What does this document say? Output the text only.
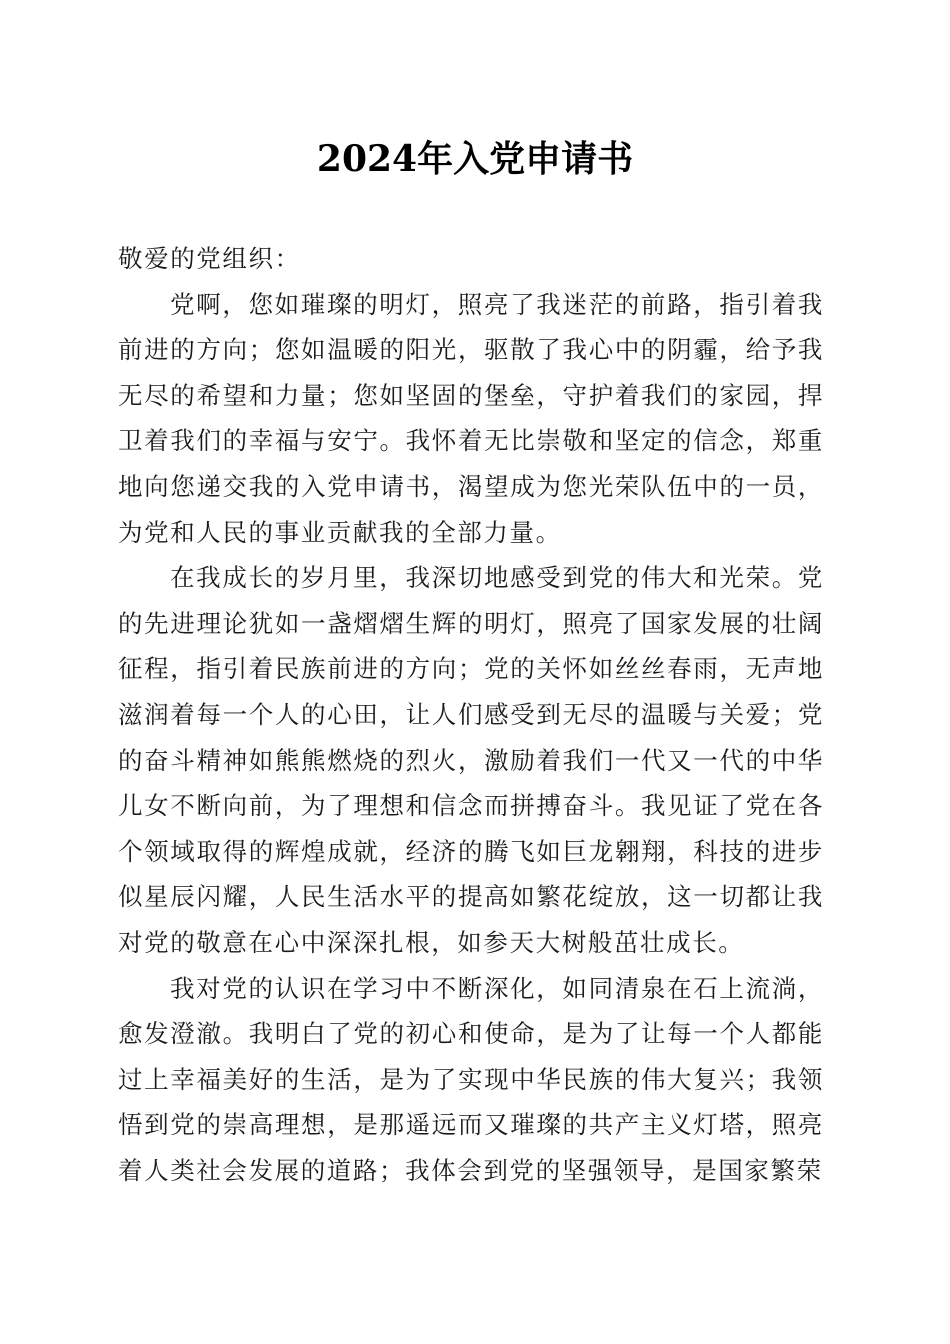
2024年入党申请书

敬爱的党组织：

党啊，您如璀璨的明灯，照亮了我迷茫的前路，指引着我前进的方向；您如温暖的阳光，驱散了我心中的阴霾，给予我无尽的希望和力量；您如坚固的堡垒，守护着我们的家园，捍卫着我们的幸福与安宁。我怀着无比崇敬和坚定的信念，郑重地向您递交我的入党申请书，渴望成为您光荣队伍中的一员，为党和人民的事业贡献我的全部力量。

在我成长的岁月里，我深切地感受到党的伟大和光荣。党的先进理论犹如一盏熠熠生辉的明灯，照亮了国家发展的壮阔征程，指引着民族前进的方向；党的关怀如丝丝春雨，无声地滋润着每一个人的心田，让人们感受到无尽的温暖与关爱；党的奋斗精神如熊熊燃烧的烈火，激励着我们一代又一代的中华儿女不断向前，为了理想和信念而拼搏奋斗。我见证了党在各个领域取得的辉煌成就，经济的腾飞如巨龙翱翔，科技的进步似星辰闪耀，人民生活水平的提高如繁花绽放，这一切都让我对党的敬意在心中深深扎根，如参天大树般茁壮成长。

我对党的认识在学习中不断深化，如同清泉在石上流淌，愈发澄澈。我明白了党的初心和使命，是为了让每一个人都能过上幸福美好的生活，是为了实现中华民族的伟大复兴；我领悟到党的崇高理想，是那遥远而又璀璨的共产主义灯塔，照亮着人类社会发展的道路；我体会到党的坚强领导，是国家繁荣
